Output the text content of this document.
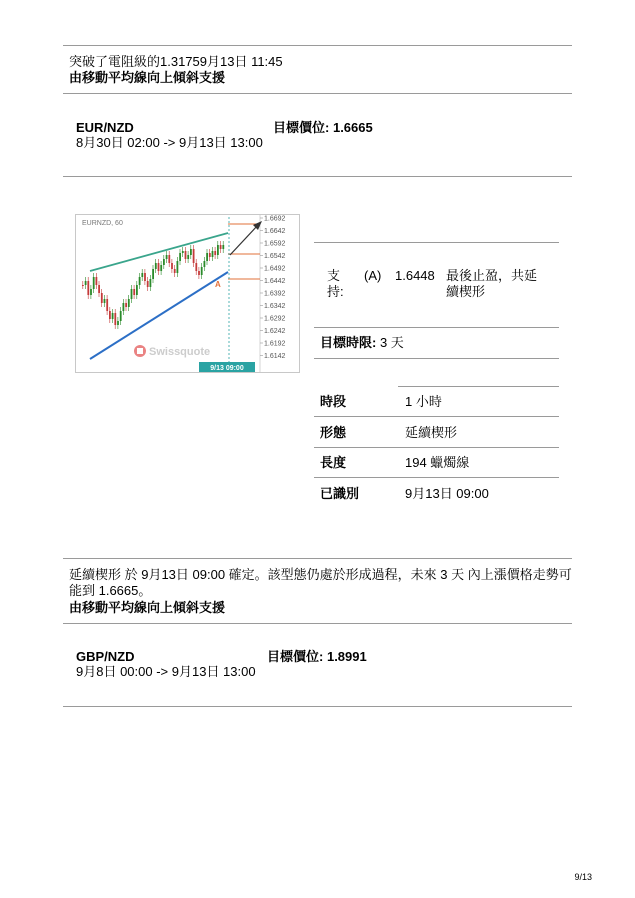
突破了電阻級的1.31759月13日 11:45
由移動平均線向上傾斜支援
EUR/NZD
8月30日 02:00 -> 9月13日 13:00
目標價位: 1.6665
EURNZD, 60
1.6692
1.6642
1.6592
1.6542
1.6492
1.6442
1.6392
1.6342
1.6292
1.6242
1.6192
1.6142
A
Swissquote
9/13 09:00
支
持:
(A) 1.6448 最後止盈，共延
續楔形
目標時限: 3 天
時段	1 小時
形態	延續楔形
長度	194 蠟燭線
已識別	9月13日 09:00
延續楔形 於 9月13日 09:00 確定。該型態仍處於形成過程，未來 3 天 內上漲價格走勢可
能到 1.6665。
由移動平均線向上傾斜支援
GBP/NZD
9月8日 00:00 -> 9月13日 13:00
目標價位: 1.8991
9/13
